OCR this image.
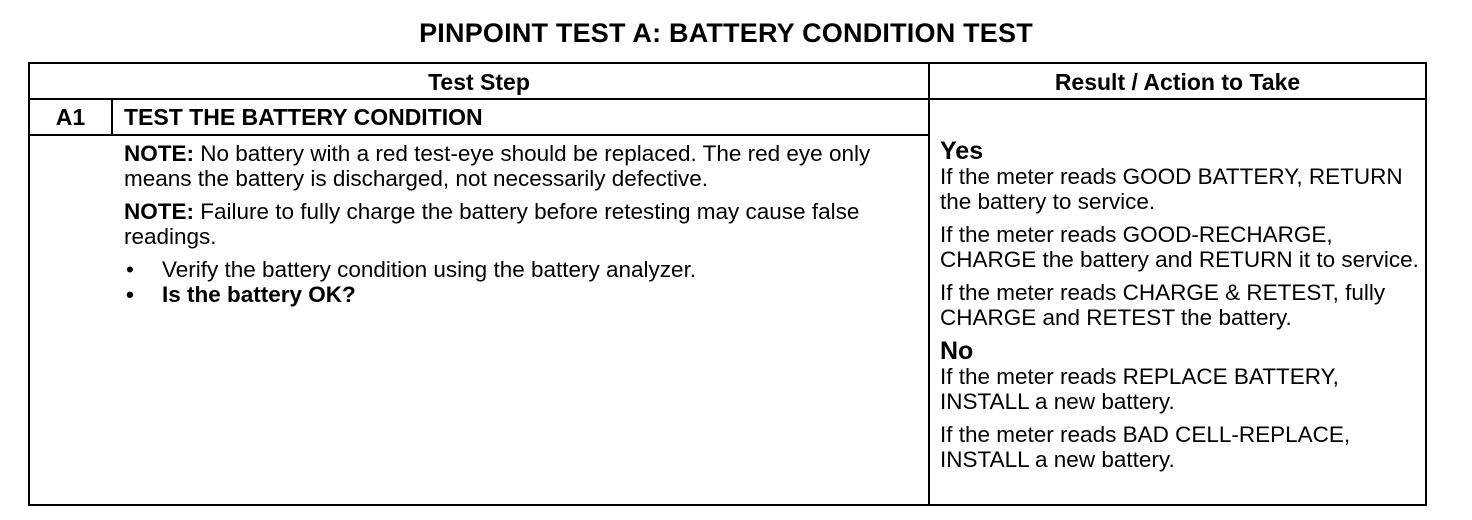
PINPOINT TEST A: BATTERY CONDITION TEST
Test Step	Result / Action to Take
A1	TEST THE BATTERY CONDITION

NOTE: No battery with a red test-eye should be replaced. The red eye only means the battery is discharged, not necessarily defective.

NOTE: Failure to fully charge the battery before retesting may cause false readings.

• Verify the battery condition using the battery analyzer.
• Is the battery OK?
Yes

If the meter reads GOOD BATTERY, RETURN the battery to service.

If the meter reads GOOD-RECHARGE, CHARGE the battery and RETURN it to service.

If the meter reads CHARGE & RETEST, fully CHARGE and RETEST the battery.

No

If the meter reads REPLACE BATTERY, INSTALL a new battery.

If the meter reads BAD CELL-REPLACE, INSTALL a new battery.
